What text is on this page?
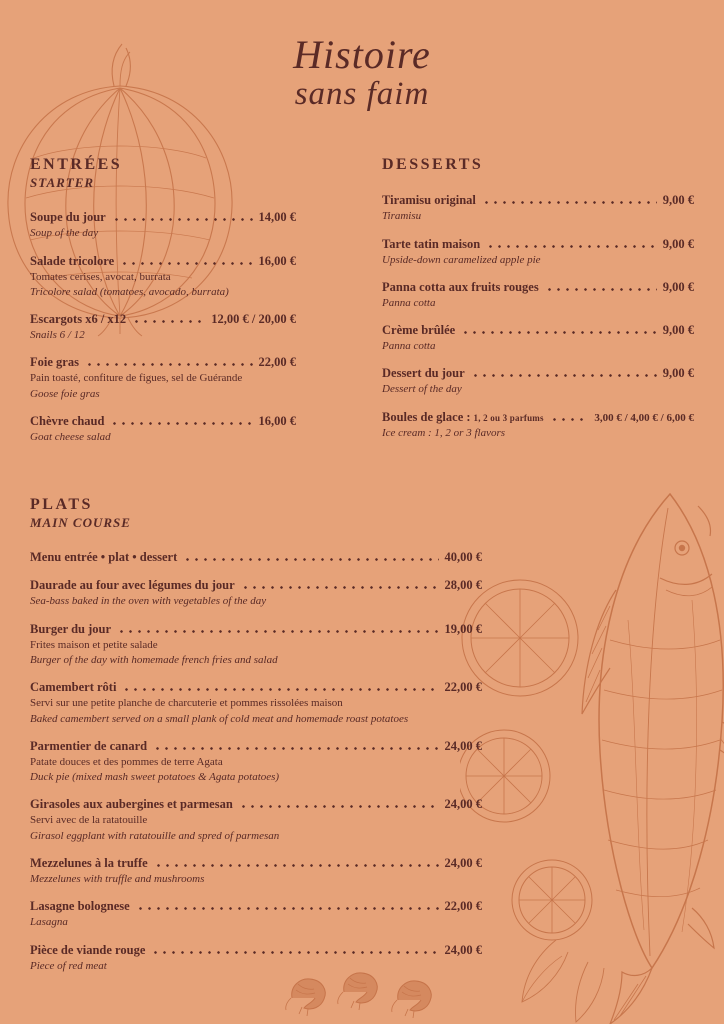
Histoire
sans faim
ENTRÉES
STARTER
Soupe du jour	14,00 €
Soup of the day
Salade tricolore	16,00 €
Tomates cerises, avocat, burrata
Tricolore salad (tomatoes, avocado, burrata)
Escargots x6 / x12	12,00 € / 20,00 €
Snails 6 / 12
Foie gras	22,00 €
Pain toasté, confiture de figues, sel de Guérande
Goose foie gras
Chèvre chaud	16,00 €
Goat cheese salad
DESSERTS
Tiramisu original	9,00 €
Tiramisu
Tarte tatin maison	9,00 €
Upside-down caramelized apple pie
Panna cotta aux fruits rouges	9,00 €
Panna cotta
Crème brûlée	9,00 €
Panna cotta
Dessert du jour	9,00 €
Dessert of the day
Boules de glace : 1, 2 ou 3 parfums	3,00 € / 4,00 € / 6,00 €
Ice cream : 1, 2 or 3 flavors
PLATS
MAIN COURSE
Menu entrée • plat • dessert	40,00 €
Daurade au four avec légumes du jour	28,00 €
Sea-bass baked in the oven with vegetables of the day
Burger du jour	19,00 €
Frites maison et petite salade
Burger of the day with homemade french fries and salad
Camembert rôti	22,00 €
Servi sur une petite planche de charcuterie et pommes rissolées maison
Baked camembert served on a small plank of cold meat and homemade roast potatoes
Parmentier de canard	24,00 €
Patate douces et des pommes de terre Agata
Duck pie (mixed mash sweet potatoes & Agata potatoes)
Girasoles aux aubergines et parmesan	24,00 €
Servi avec de la ratatouille
Girasol eggplant with ratatouille and spred of parmesan
Mezzelunes à la truffe	24,00 €
Mezzelunes with truffle and mushrooms
Lasagne bolognese	22,00 €
Lasagna
Pièce de viande rouge	24,00 €
Piece of red meat
